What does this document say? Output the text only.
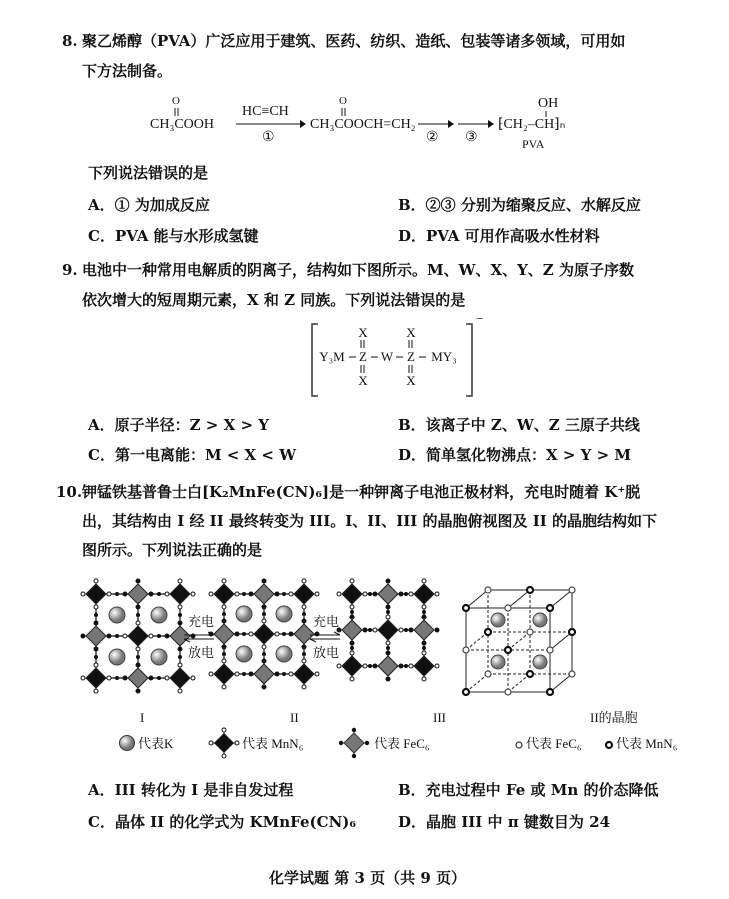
8. 聚乙烯醇（PVA）广泛应用于建筑、医药、纺织、造纸、包装等诸多领域，可用如
下方法制备。
O
CH₃COOH
HC≡CH
①
O
CH₃COOCH=CH₂
② ③
OH
⁅CH₂–CH⁆ₙ
PVA
下列说法错误的是
A．① 为加成反应	B．②③ 分别为缩聚反应、水解反应
C．PVA 能与水形成氢键	D．PVA 可用作高吸水性材料
9. 电池中一种常用电解质的阴离子，结构如下图所示。M、W、X、Y、Z 为原子序数
依次增大的短周期元素，X 和 Z 同族。下列说法错误的是
−
X	X
Y₃M Z W Z	MY₃
X	X
A．原子半径：Z > X > Y	B．该离子中 Z、W、Z 三原子共线
C．第一电离能：M < X < W	D．简单氢化物沸点：X > Y > M
10. 钾锰铁基普鲁士白[K₂MnFe(CN)₆]是一种钾离子电池正极材料，充电时随着 K⁺脱
出，其结构由 I 经 II 最终转变为 III。I、II、III 的晶胞俯视图及 II 的晶胞结构如下
图所示。下列说法正确的是
充电
放电
充电
放电
I	II	III	II的晶胞
代表K	代表 MnN₆	代表 FeC₆	代表 FeC₆	代表 MnN₆
A．III 转化为 I 是非自发过程	B．充电过程中 Fe 或 Mn 的价态降低
C．晶体 II 的化学式为 KMnFe(CN)₆	D．晶胞 III 中 π 键数目为 24
化学试题 第 3 页（共 9 页）
